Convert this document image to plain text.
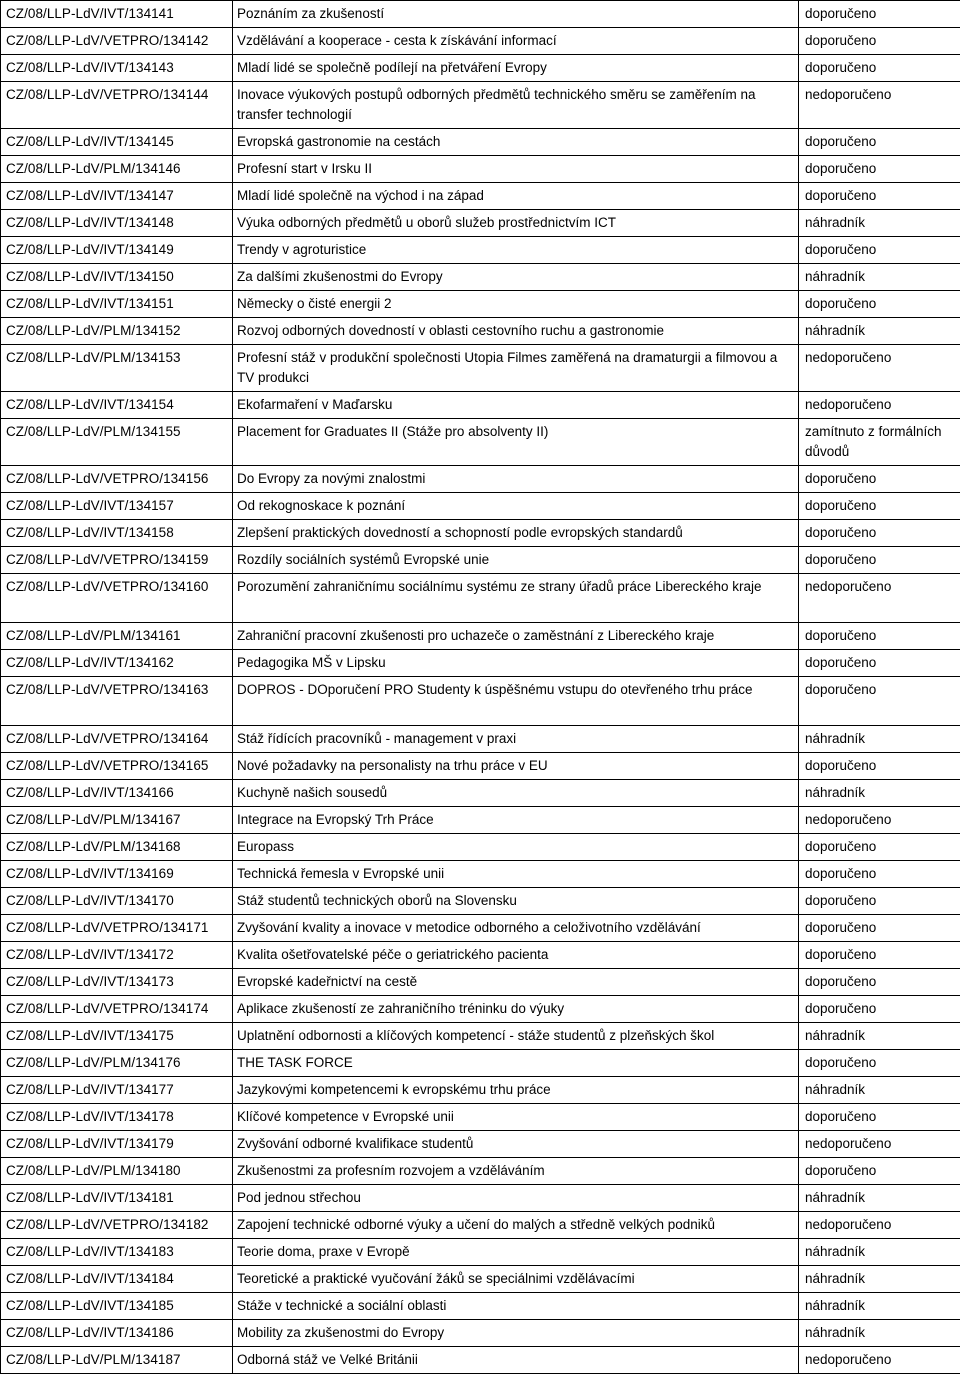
CZ/08/LLP-LdV/IVT/134141	Poznáním za zkušeností	doporučeno
CZ/08/LLP-LdV/VETPRO/134142	Vzdělávání a kooperace - cesta k získávání informací	doporučeno
CZ/08/LLP-LdV/IVT/134143	Mladí lidé se společně podílejí na přetváření Evropy	doporučeno
CZ/08/LLP-LdV/VETPRO/134144	Inovace výukových postupů odborných předmětů technického směru se zaměřením na transfer technologií	nedoporučeno
CZ/08/LLP-LdV/IVT/134145	Evropská gastronomie na cestách	doporučeno
CZ/08/LLP-LdV/PLM/134146	Profesní start v Irsku II	doporučeno
CZ/08/LLP-LdV/IVT/134147	Mladí lidé společně na východ i na západ	doporučeno
CZ/08/LLP-LdV/IVT/134148	Výuka odborných předmětů u oborů služeb prostřednictvím ICT	náhradník
CZ/08/LLP-LdV/IVT/134149	Trendy v agroturistice	doporučeno
CZ/08/LLP-LdV/IVT/134150	Za dalšími zkušenostmi do Evropy	náhradník
CZ/08/LLP-LdV/IVT/134151	Německy o čisté energii 2	doporučeno
CZ/08/LLP-LdV/PLM/134152	Rozvoj odborných dovedností v oblasti cestovního ruchu a gastronomie	náhradník
CZ/08/LLP-LdV/PLM/134153	Profesní stáž v produkční společnosti Utopia Filmes zaměřená na dramaturgii a filmovou a TV produkci	nedoporučeno
CZ/08/LLP-LdV/IVT/134154	Ekofarmaření v Maďarsku	nedoporučeno
CZ/08/LLP-LdV/PLM/134155	Placement for Graduates II (Stáže pro absolventy II)	zamítnuto z formálních důvodů
CZ/08/LLP-LdV/VETPRO/134156	Do Evropy za novými znalostmi	doporučeno
CZ/08/LLP-LdV/IVT/134157	Od rekognoskace k poznání	doporučeno
CZ/08/LLP-LdV/IVT/134158	Zlepšení praktických dovedností a schopností podle evropských standardů	doporučeno
CZ/08/LLP-LdV/VETPRO/134159	Rozdíly sociálních systémů Evropské unie	doporučeno
CZ/08/LLP-LdV/VETPRO/134160	Porozumění zahraničnímu sociálnímu systému ze strany úřadů práce Libereckého kraje	nedoporučeno
CZ/08/LLP-LdV/PLM/134161	Zahraniční pracovní zkušenosti pro uchazeče o zaměstnání z Libereckého kraje	doporučeno
CZ/08/LLP-LdV/IVT/134162	Pedagogika MŠ v Lipsku	doporučeno
CZ/08/LLP-LdV/VETPRO/134163	DOPROS - DOporučení PRO Studenty k úspěšnému vstupu do otevřeného trhu práce	doporučeno
CZ/08/LLP-LdV/VETPRO/134164	Stáž řídících pracovníků - management v praxi	náhradník
CZ/08/LLP-LdV/VETPRO/134165	Nové požadavky na personalisty na trhu práce v EU	doporučeno
CZ/08/LLP-LdV/IVT/134166	Kuchyně našich sousedů	náhradník
CZ/08/LLP-LdV/PLM/134167	Integrace na Evropský Trh Práce	nedoporučeno
CZ/08/LLP-LdV/PLM/134168	Europass	doporučeno
CZ/08/LLP-LdV/IVT/134169	Technická řemesla v Evropské unii	doporučeno
CZ/08/LLP-LdV/IVT/134170	Stáž studentů technických oborů na Slovensku	doporučeno
CZ/08/LLP-LdV/VETPRO/134171	Zvyšování kvality a inovace v metodice odborného a celoživotního vzdělávání	doporučeno
CZ/08/LLP-LdV/IVT/134172	Kvalita ošetřovatelské péče o geriatrického pacienta	doporučeno
CZ/08/LLP-LdV/IVT/134173	Evropské kadeřnictví na cestě	doporučeno
CZ/08/LLP-LdV/VETPRO/134174	Aplikace zkušeností ze zahraničního tréninku do výuky	doporučeno
CZ/08/LLP-LdV/IVT/134175	Uplatnění odbornosti a klíčových kompetencí - stáže studentů z plzeňských škol	náhradník
CZ/08/LLP-LdV/PLM/134176	THE TASK FORCE	doporučeno
CZ/08/LLP-LdV/IVT/134177	Jazykovými kompetencemi k evropskému trhu práce	náhradník
CZ/08/LLP-LdV/IVT/134178	Klíčové kompetence v Evropské unii	doporučeno
CZ/08/LLP-LdV/IVT/134179	Zvyšování odborné kvalifikace studentů	nedoporučeno
CZ/08/LLP-LdV/PLM/134180	Zkušenostmi za profesním rozvojem a vzděláváním	doporučeno
CZ/08/LLP-LdV/IVT/134181	Pod jednou střechou	náhradník
CZ/08/LLP-LdV/VETPRO/134182	Zapojení technické odborné výuky a učení do malých a středně velkých podniků	nedoporučeno
CZ/08/LLP-LdV/IVT/134183	Teorie doma, praxe v Evropě	náhradník
CZ/08/LLP-LdV/IVT/134184	Teoretické a praktické vyučování žáků se speciálnimi vzdělávacími	náhradník
CZ/08/LLP-LdV/IVT/134185	Stáže v technické a sociální oblasti	náhradník
CZ/08/LLP-LdV/IVT/134186	Mobility za zkušenostmi do Evropy	náhradník
CZ/08/LLP-LdV/PLM/134187	Odborná stáž ve Velké Británii	nedoporučeno
